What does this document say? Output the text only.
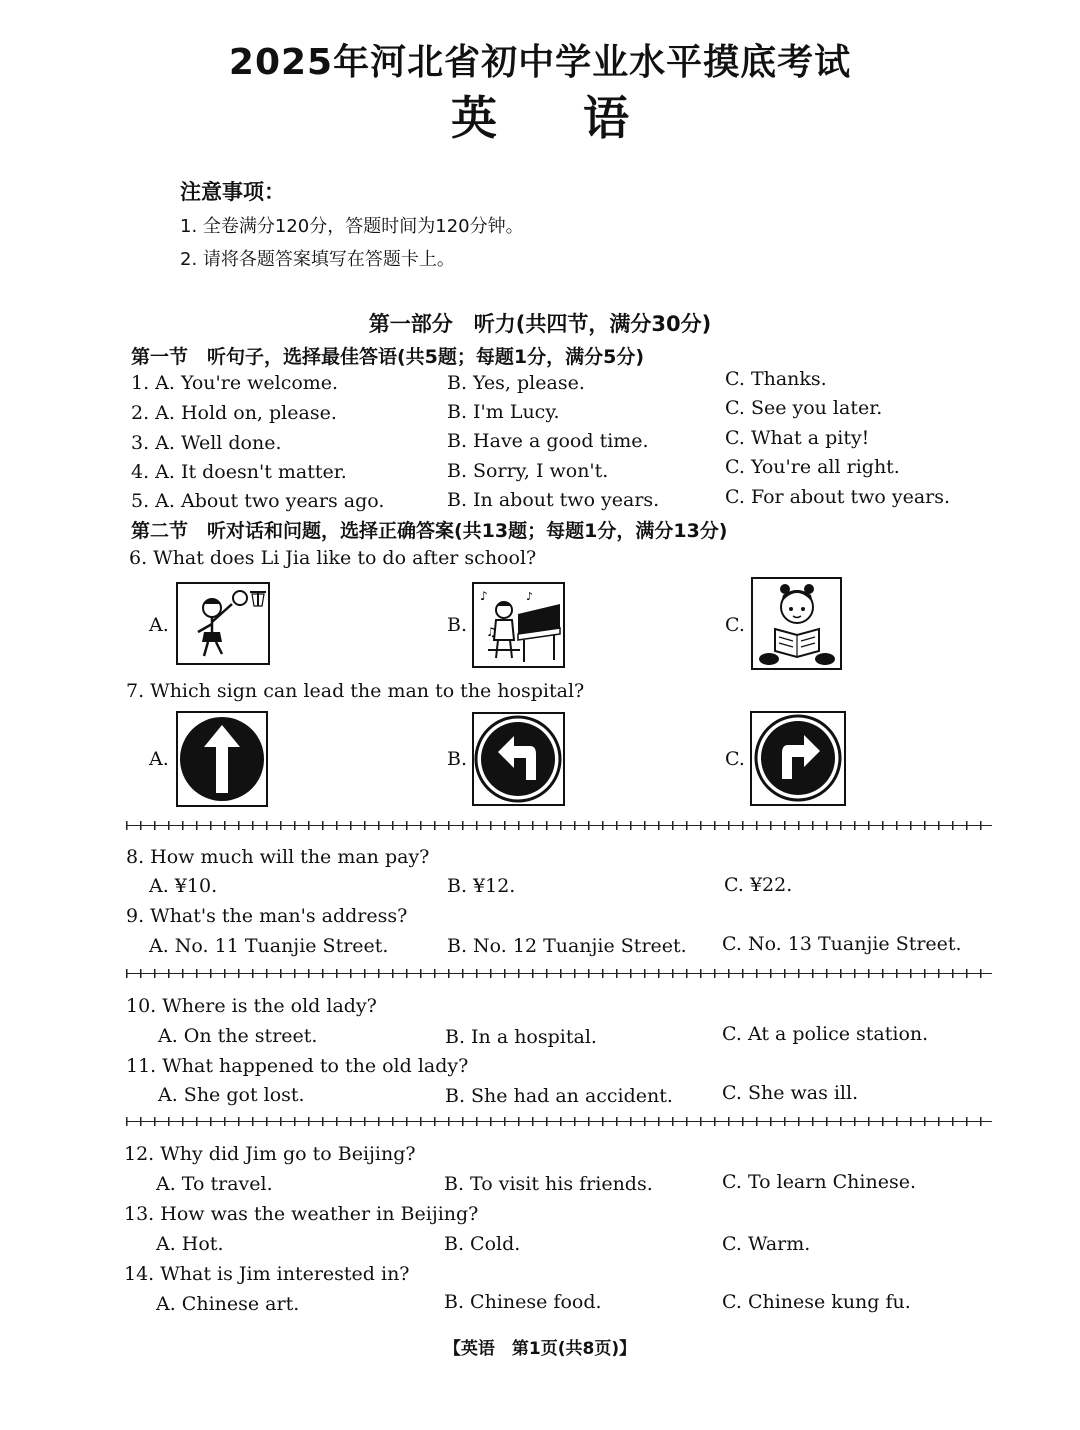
2025年河北省初中学业水平摸底考试
英 语
注意事项：
1. 全卷满分120分，答题时间为120分钟。
2. 请将各题答案填写在答题卡上。
第一部分　听力(共四节，满分30分)
第一节　听句子，选择最佳答语(共5题；每题1分，满分5分)
1. A. You're welcome.	B. Yes, please.	C. Thanks.
2. A. Hold on, please.	B. I'm Lucy.	C. See you later.
3. A. Well done.	B. Have a good time.	C. What a pity!
4. A. It doesn't matter.	B. Sorry, I won't.	C. You're all right.
5. A. About two years ago.	B. In about two years.	C. For about two years.
第二节　听对话和问题，选择正确答案(共13题；每题1分，满分13分)
6. What does Li Jia like to do after school?
A.	B.
♪
♫
♪
C.
7. Which sign can lead the man to the hospital?
A.	B.	C.
8. How much will the man pay?
A. ¥10.	B. ¥12.	C. ¥22.
9. What's the man's address?
A. No. 11 Tuanjie Street.	B. No. 12 Tuanjie Street. C. No. 13 Tuanjie Street.
10. Where is the old lady?
A. On the street.	B. In a hospital.	C. At a police station.
11. What happened to the old lady?
A. She got lost.	B. She had an accident.	C. She was ill.
12. Why did Jim go to Beijing?
A. To travel.	B. To visit his friends.	C. To learn Chinese.
13. How was the weather in Beijing?
A. Hot.	B. Cold.	C. Warm.
14. What is Jim interested in?
A. Chinese art.	B. Chinese food.	C. Chinese kung fu.
【英语　第1页(共8页)】
